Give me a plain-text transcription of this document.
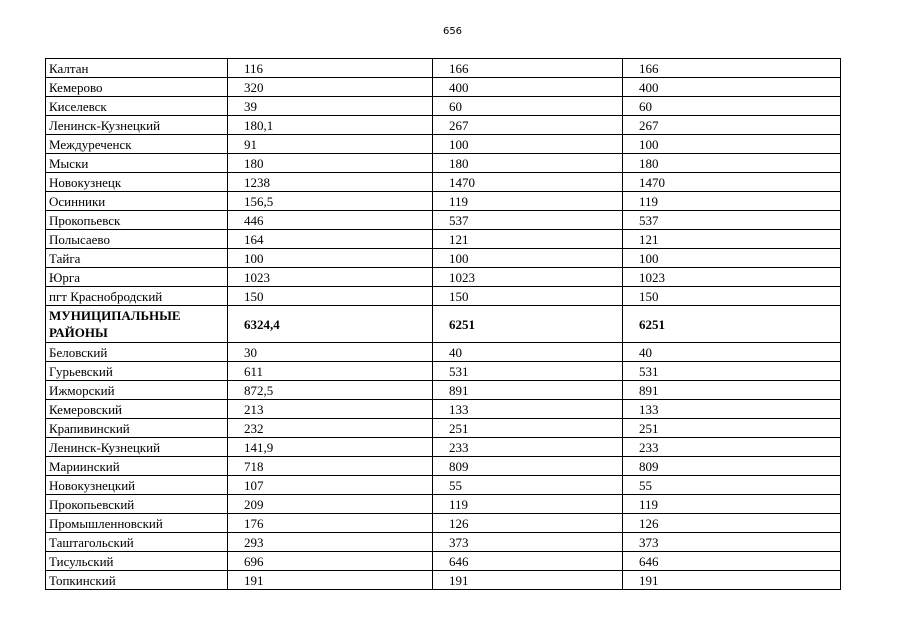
656
Калтан	116	166	166
Кемерово	320	400	400
Киселевск	39	60	60
Ленинск-Кузнецкий	180,1	267	267
Междуреченск	91	100	100
Мыски	180	180	180
Новокузнецк	1238	1470	1470
Осинники	156,5	119	119
Прокопьевск	446	537	537
Полысаево	164	121	121
Тайга	100	100	100
Юрга	1023	1023	1023
пгт Краснобродский	150	150	150
МУНИЦИПАЛЬНЫЕ РАЙОНЫ	6324,4	6251	6251
Беловский	30	40	40
Гурьевский	611	531	531
Ижморский	872,5	891	891
Кемеровский	213	133	133
Крапивинский	232	251	251
Ленинск-Кузнецкий	141,9	233	233
Мариинский	718	809	809
Новокузнецкий	107	55	55
Прокопьевский	209	119	119
Промышленновский	176	126	126
Таштагольский	293	373	373
Тисульский	696	646	646
Топкинский	191	191	191
